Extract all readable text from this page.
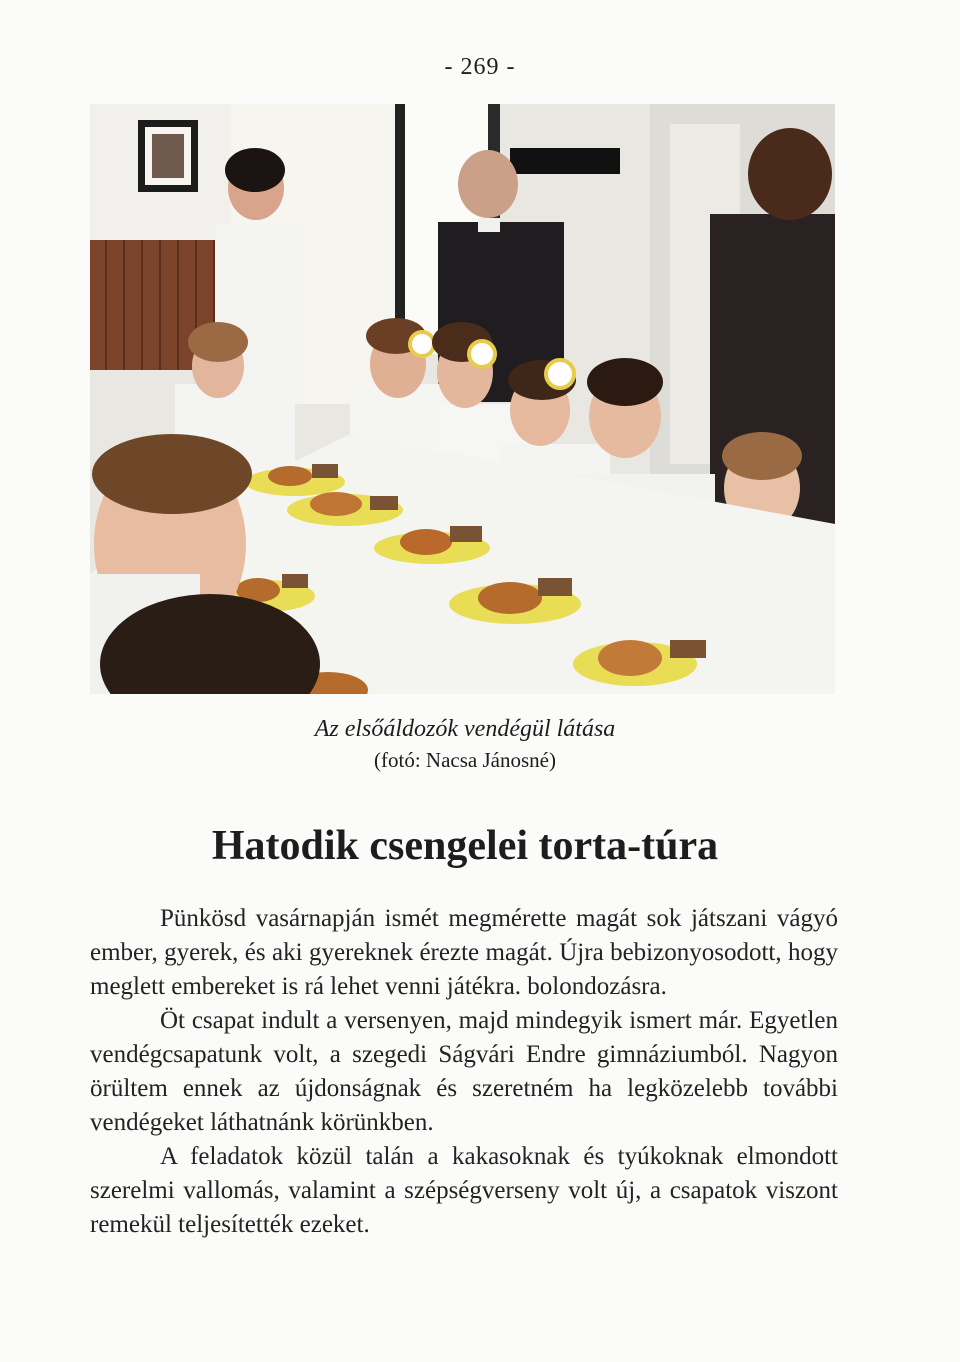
- 269 -
Az elsőáldozók vendégül látása
(fotó: Nacsa Jánosné)
Hatodik csengelei torta-túra

Pünkösd vasárnapján ismét megmérette magát sok játszani vágyó ember, gyerek, és aki gyereknek érezte magát. Újra bebizonyosodott, hogy meglett embereket is rá lehet venni játékra. bolondozásra.

Öt csapat indult a versenyen, majd mindegyik ismert már. Egyetlen vendégcsapatunk volt, a szegedi Ságvári Endre gimnáziumból. Nagyon örültem ennek az újdonságnak és szeretném ha legközelebb további vendégeket láthatnánk körünkben.

A feladatok közül talán a kakasoknak és tyúkoknak elmondott szerelmi vallomás, valamint a szépségverseny volt új, a csapatok viszont remekül teljesítették ezeket.
